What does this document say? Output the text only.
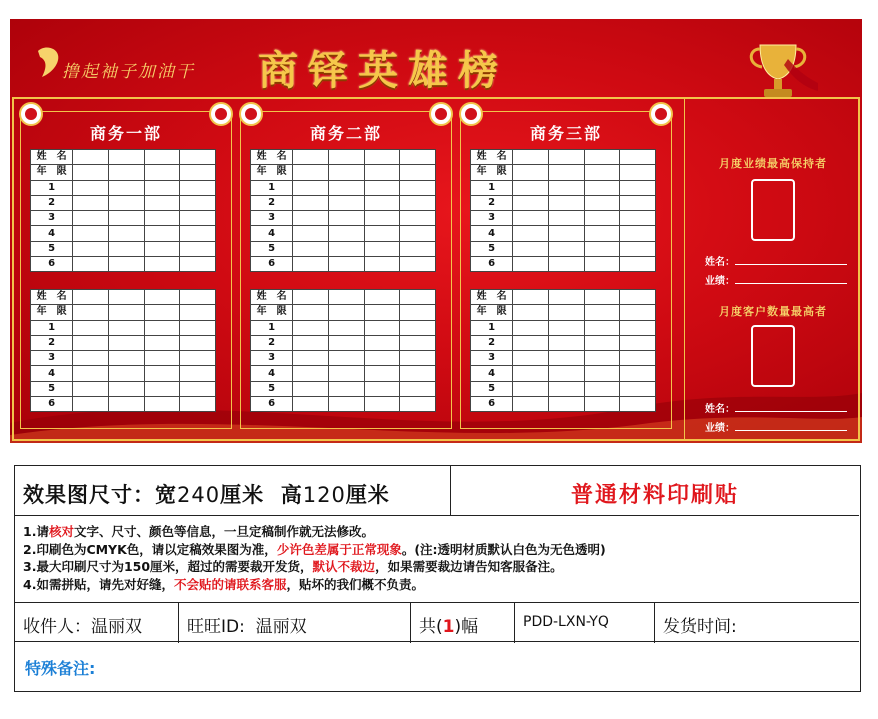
撸起袖子加油干 商铎英雄榜
商务一部
姓　名				
年　限				
1				
2				
3				
4				
5				
6				
姓　名				
年　限				
1				
2				
3				
4				
5				
6				
商务二部
姓　名				
年　限				
1				
2				
3				
4				
5				
6				
姓　名				
年　限				
1				
2				
3				
4				
5				
6				
商务三部
姓　名				
年　限				
1				
2				
3				
4				
5				
6				
姓　名				
年　限				
1				
2				
3				
4				
5				
6				
月度业绩最高保持者
姓名：
业绩：
月度客户数量最高者
姓名：
业绩：
效果图尺寸：宽240厘米 高120厘米	普通材料印刷贴
1.请核对文字、尺寸、颜色等信息，一旦定稿制作就无法修改。
2.印刷色为CMYK色，请以定稿效果图为准，少许色差属于正常现象。(注:透明材质默认白色为无色透明)
3.最大印刷尺寸为150厘米，超过的需要裁开发货，默认不裁边，如果需要裁边请告知客服备注。
4.如需拼贴，请先对好缝，不会贴的请联系客服，贴坏的我们概不负责。
收件人：温丽双	旺旺ID: 温丽双	共(1)幅	PDD-LXN-YQ	发货时间:
特殊备注:
